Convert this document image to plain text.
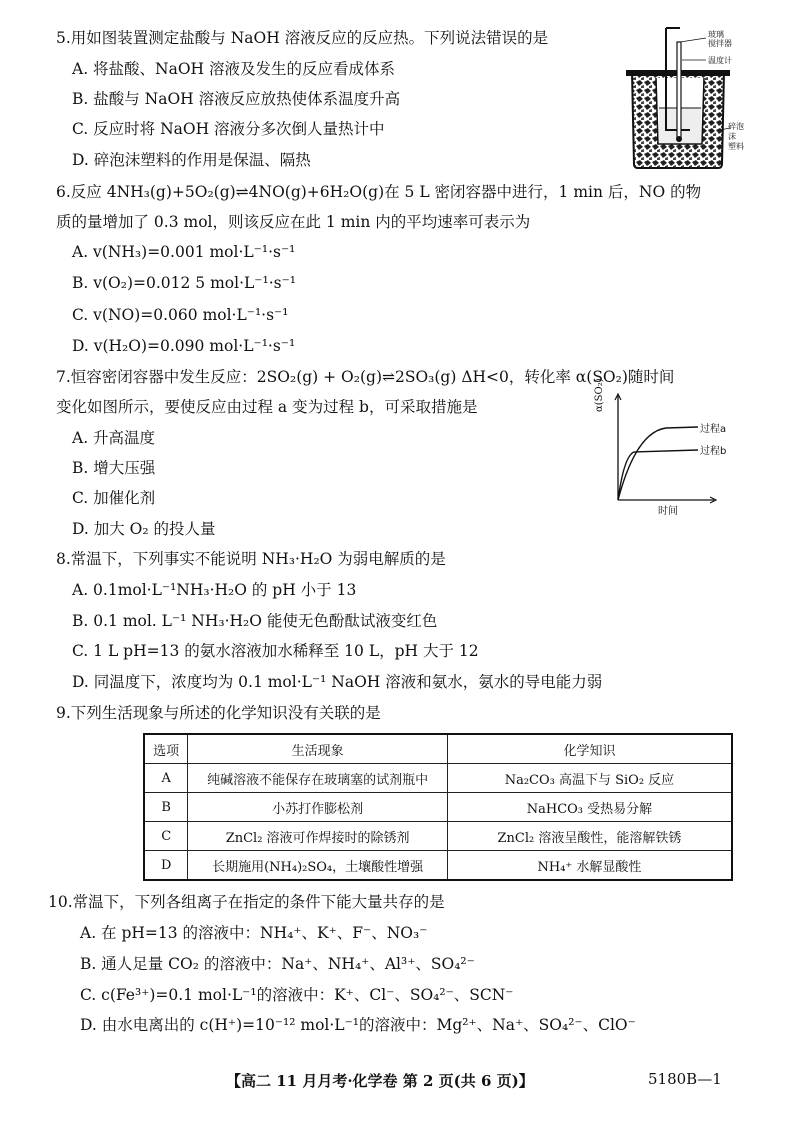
5.用如图装置测定盐酸与 NaOH 溶液反应的反应热。下列说法错误的是
A. 将盐酸、NaOH 溶液及发生的反应看成体系
B. 盐酸与 NaOH 溶液反应放热使体系温度升高
C. 反应时将 NaOH 溶液分多次倒人量热计中
D. 碎泡沫塑料的作用是保温、隔热
玻璃
搅拌器
温度计
碎泡沫
塑料
6.反应 4NH₃(g)+5O₂(g)⇌4NO(g)+6H₂O(g)在 5 L 密闭容器中进行，1 min 后，NO 的物
质的量增加了 0.3 mol，则该反应在此 1 min 内的平均速率可表示为
A. v(NH₃)=0.001 mol·L⁻¹·s⁻¹
B. v(O₂)=0.012 5 mol·L⁻¹·s⁻¹
C. v(NO)=0.060 mol·L⁻¹·s⁻¹
D. v(H₂O)=0.090 mol·L⁻¹·s⁻¹
7.恒容密闭容器中发生反应：2SO₂(g) + O₂(g)⇌2SO₃(g) ΔH<0，转化率 α(SO₂)随时间
变化如图所示，要使反应由过程 a 变为过程 b，可采取措施是
A. 升高温度
B. 增大压强
C. 加催化剂
D. 加大 O₂ 的投人量
α(SO₂)
过程a
过程b
时间
8.常温下，下列事实不能说明 NH₃·H₂O 为弱电解质的是
A. 0.1mol·L⁻¹NH₃·H₂O 的 pH 小于 13
B. 0.1 mol. L⁻¹ NH₃·H₂O 能使无色酚酞试液变红色
C. 1 L pH=13 的氨水溶液加水稀释至 10 L，pH 大于 12
D. 同温度下，浓度均为 0.1 mol·L⁻¹ NaOH 溶液和氨水，氨水的导电能力弱
9.下列生活现象与所述的化学知识没有关联的是
选项	生活现象	化学知识
A	纯碱溶液不能保存在玻璃塞的试剂瓶中	Na₂CO₃ 高温下与 SiO₂ 反应
B	小苏打作膨松剂	NaHCO₃ 受热易分解
C	ZnCl₂ 溶液可作焊接时的除锈剂	ZnCl₂ 溶液呈酸性，能溶解铁锈
D	长期施用(NH₄)₂SO₄，土壤酸性增强	NH₄⁺ 水解显酸性
10.常温下，下列各组离子在指定的条件下能大量共存的是
A. 在 pH=13 的溶液中：NH₄⁺、K⁺、F⁻、NO₃⁻
B. 通人足量 CO₂ 的溶液中：Na⁺、NH₄⁺、Al³⁺、SO₄²⁻
C. c(Fe³⁺)=0.1 mol·L⁻¹的溶液中：K⁺、Cl⁻、SO₄²⁻、SCN⁻
D. 由水电离出的 c(H⁺)=10⁻¹² mol·L⁻¹的溶液中：Mg²⁺、Na⁺、SO₄²⁻、ClO⁻
【高二 11 月月考·化学卷 第 2 页(共 6 页)】	5180B—1
